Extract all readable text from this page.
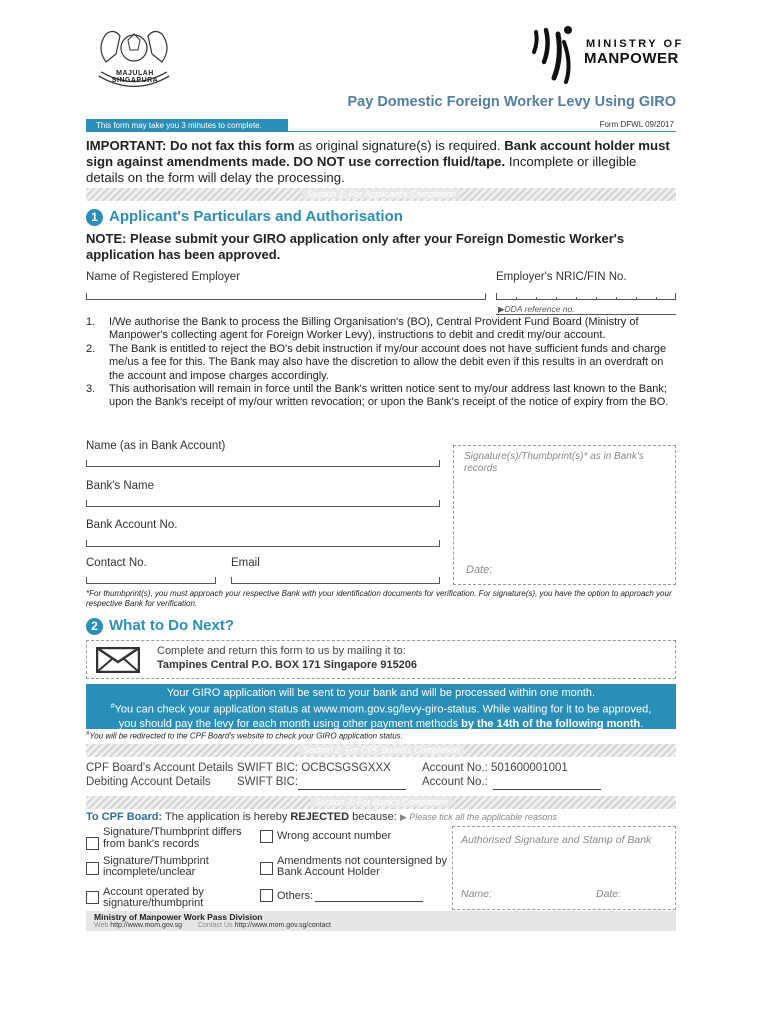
MAJULAH SINGAPURA
MINISTRY OF
MANPOWER
Pay Domestic Foreign Worker Levy Using GIRO
This form may take you 3 minutes to complete.	Form DFWL 09/2017
IMPORTANT: Do not fax this form as original signature(s) is required. Bank account holder must sign against amendments made. DO NOT use correction fluid/tape. Incomplete or illegible details on the form will delay the processing.
Section 1: For Applicant's Completion
1 Applicant's Particulars and Authorisation
NOTE: Please submit your GIRO application only after your Foreign Domestic Worker's application has been approved.
Name of Registered Employer	Employer's NRIC/FIN No.
▶DDA reference no.
1.	I/We authorise the Bank to process the Billing Organisation's (BO), Central Provident Fund Board (Ministry of Manpower's collecting agent for Foreign Worker Levy), instructions to debit and credit my/our account.
2.	The Bank is entitled to reject the BO's debit instruction if my/our account does not have sufficient funds and charge me/us a fee for this. The Bank may also have the discretion to allow the debit even if this results in an overdraft on the account and impose charges accordingly.
3.	This authorisation will remain in force until the Bank's written notice sent to my/our address last known to the Bank; upon the Bank's receipt of my/our written revocation; or upon the Bank's receipt of the notice of expiry from the BO.
Name (as in Bank Account)
Bank's Name
Bank Account No.
Contact No.	Email
Signature(s)/Thumbprint(s)* as in Bank's records
Date:
*For thumbprint(s), you must approach your respective Bank with your identification documents for verification. For signature(s), you have the option to approach your respective Bank for verification.
2 What to Do Next?
Complete and return this form to us by mailing it to:
Tampines Central P.O. BOX 171 Singapore 915206
Your GIRO application will be sent to your bank and will be processed within one month.
#You can check your application status at www.mom.gov.sg/levy-giro-status. While waiting for it to be approved,
you should pay the levy for each month using other payment methods by the 14th of the following month.
#You will be redirected to the CPF Board's website to check your GIRO application status.
Section 2: For CPF Board's Completion
CPF Board's Account Details SWIFT BIC: OCBCSGSGXXX	Account No.: 501600001001
Debiting Account Details SWIFT BIC:	Account No.:
Section 3: For Bank's Completion
To CPF Board: The application is hereby REJECTED because: ▶ Please tick all the applicable reasons
Signature/Thumbprint differs from bank's records
Wrong account number
Signature/Thumbprint incomplete/unclear
Amendments not countersigned by Bank Account Holder
Account operated by signature/thumbprint
Others:
Authorised Signature and Stamp of Bank
Name:	Date:
Ministry of Manpower Work Pass Division
Web http://www.mom.gov.sg Contact Us http://www.mom.gov.sg/contact
